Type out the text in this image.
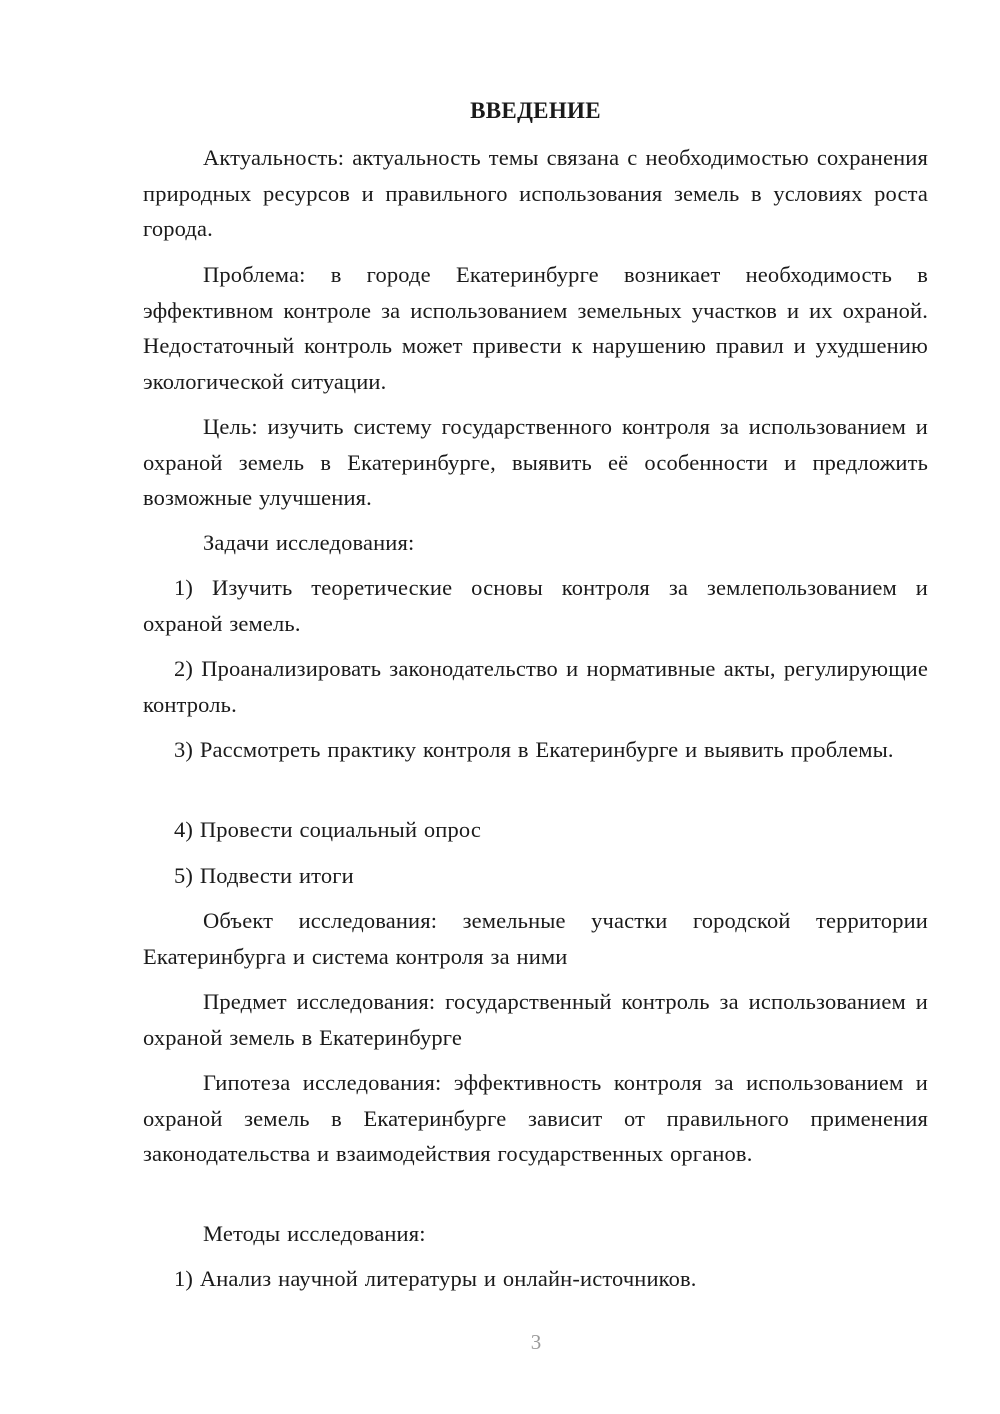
ВВЕДЕНИЕ

Актуальность: актуальность темы связана с необходимостью сохранения природных ресурсов и правильного использования земель в условиях роста города.

Проблема: в городе Екатеринбурге возникает необходимость в эффективном контроле за использованием земельных участков и их охраной. Недостаточный контроль может привести к нарушению правил и ухудшению экологической ситуации.

Цель: изучить систему государственного контроля за использованием и охраной земель в Екатеринбурге, выявить её особенности и предложить возможные улучшения.

Задачи исследования:

1) Изучить теоретические основы контроля за землепользованием и охраной земель.

2) Проанализировать законодательство и нормативные акты, регулирующие контроль.

3) Рассмотреть практику контроля в Екатеринбурге и выявить проблемы.

4) Провести социальный опрос

5) Подвести итоги

Объект исследования: земельные участки городской территории Екатеринбурга и система контроля за ними

Предмет исследования: государственный контроль за использованием и охраной земель в Екатеринбурге

Гипотеза исследования: эффективность контроля за использованием и охраной земель в Екатеринбурге зависит от правильного применения законодательства и взаимодействия государственных органов.

Методы исследования:

1) Анализ научной литературы и онлайн-источников.

3
